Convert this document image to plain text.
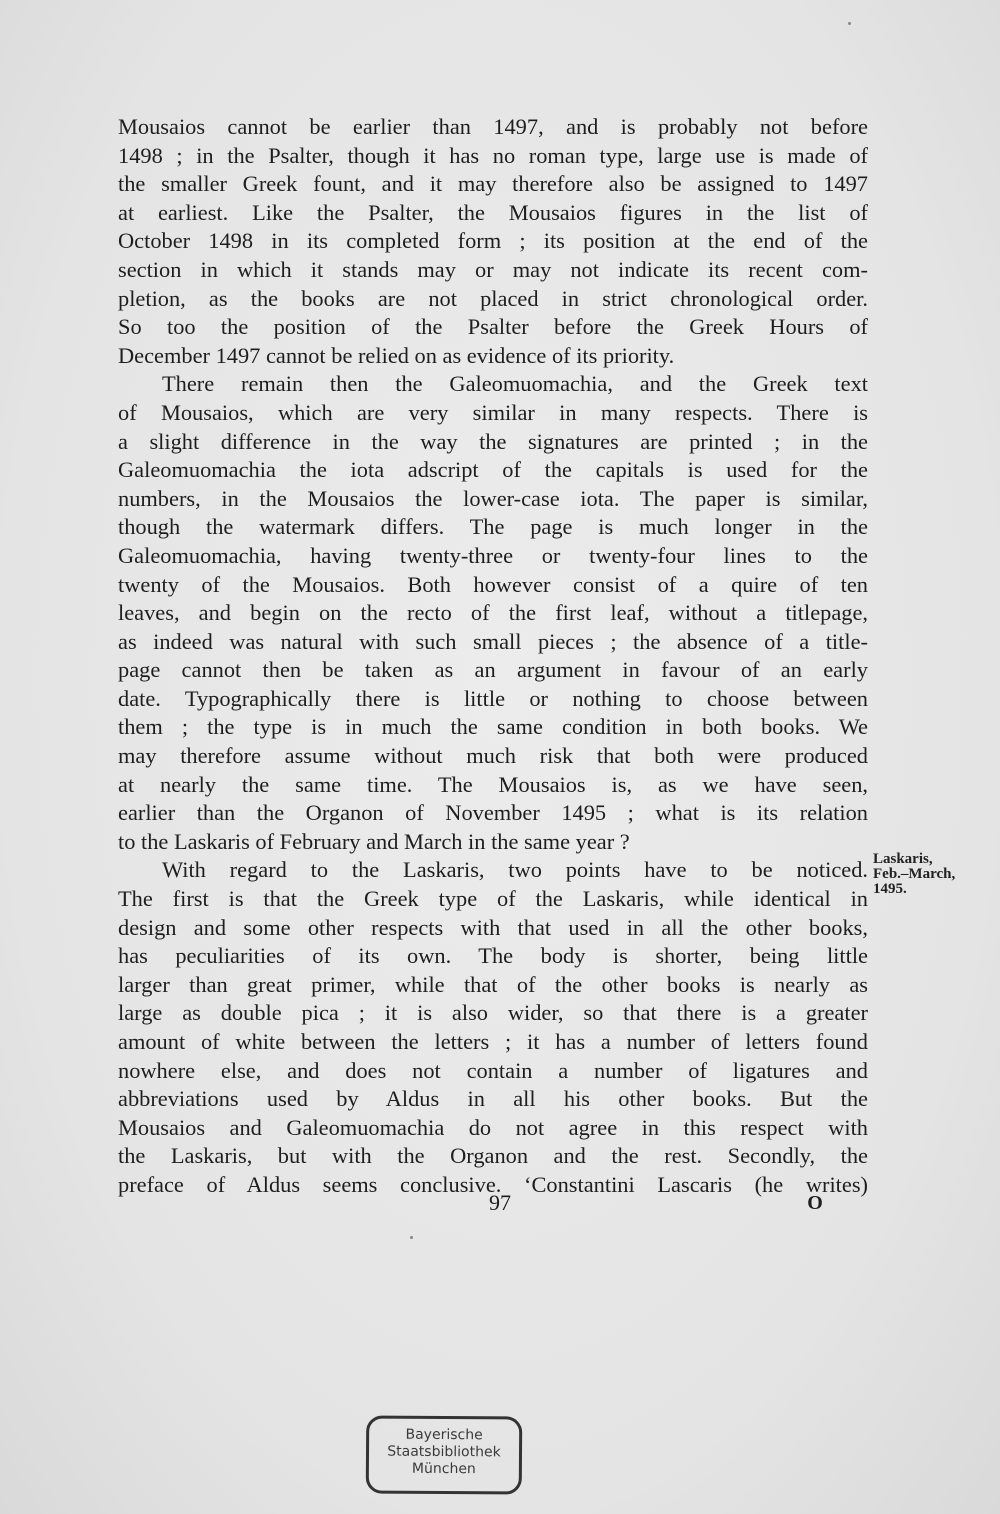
Mousaios cannot be earlier than 1497, and is probably not before
1498 ; in the Psalter, though it has no roman type, large use is made of
the smaller Greek fount, and it may therefore also be assigned to 1497
at earliest. Like the Psalter, the Mousaios figures in the list of
October 1498 in its completed form ; its position at the end of the
section in which it stands may or may not indicate its recent com-
pletion, as the books are not placed in strict chronological order.
So too the position of the Psalter before the Greek Hours of
December 1497 cannot be relied on as evidence of its priority.
There remain then the Galeomuomachia, and the Greek text
of Mousaios, which are very similar in many respects. There is
a slight difference in the way the signatures are printed ; in the
Galeomuomachia the iota adscript of the capitals is used for the
numbers, in the Mousaios the lower-case iota. The paper is similar,
though the watermark differs. The page is much longer in the
Galeomuomachia, having twenty-three or twenty-four lines to the
twenty of the Mousaios. Both however consist of a quire of ten
leaves, and begin on the recto of the first leaf, without a titlepage,
as indeed was natural with such small pieces ; the absence of a title-
page cannot then be taken as an argument in favour of an early
date. Typographically there is little or nothing to choose between
them ; the type is in much the same condition in both books. We
may therefore assume without much risk that both were produced
at nearly the same time. The Mousaios is, as we have seen,
earlier than the Organon of November 1495 ; what is its relation
to the Laskaris of February and March in the same year ?
With regard to the Laskaris, two points have to be noticed.
The first is that the Greek type of the Laskaris, while identical in
design and some other respects with that used in all the other books,
has peculiarities of its own. The body is shorter, being little
larger than great primer, while that of the other books is nearly as
large as double pica ; it is also wider, so that there is a greater
amount of white between the letters ; it has a number of letters found
nowhere else, and does not contain a number of ligatures and
abbreviations used by Aldus in all his other books. But the
Mousaios and Galeomuomachia do not agree in this respect with
the Laskaris, but with the Organon and the rest. Secondly, the
preface of Aldus seems conclusive. ‘Constantini Lascaris (he writes)
Laskaris,
Feb.–March,
1495.
97	O
Bayerische
Staatsbibliothek
München
